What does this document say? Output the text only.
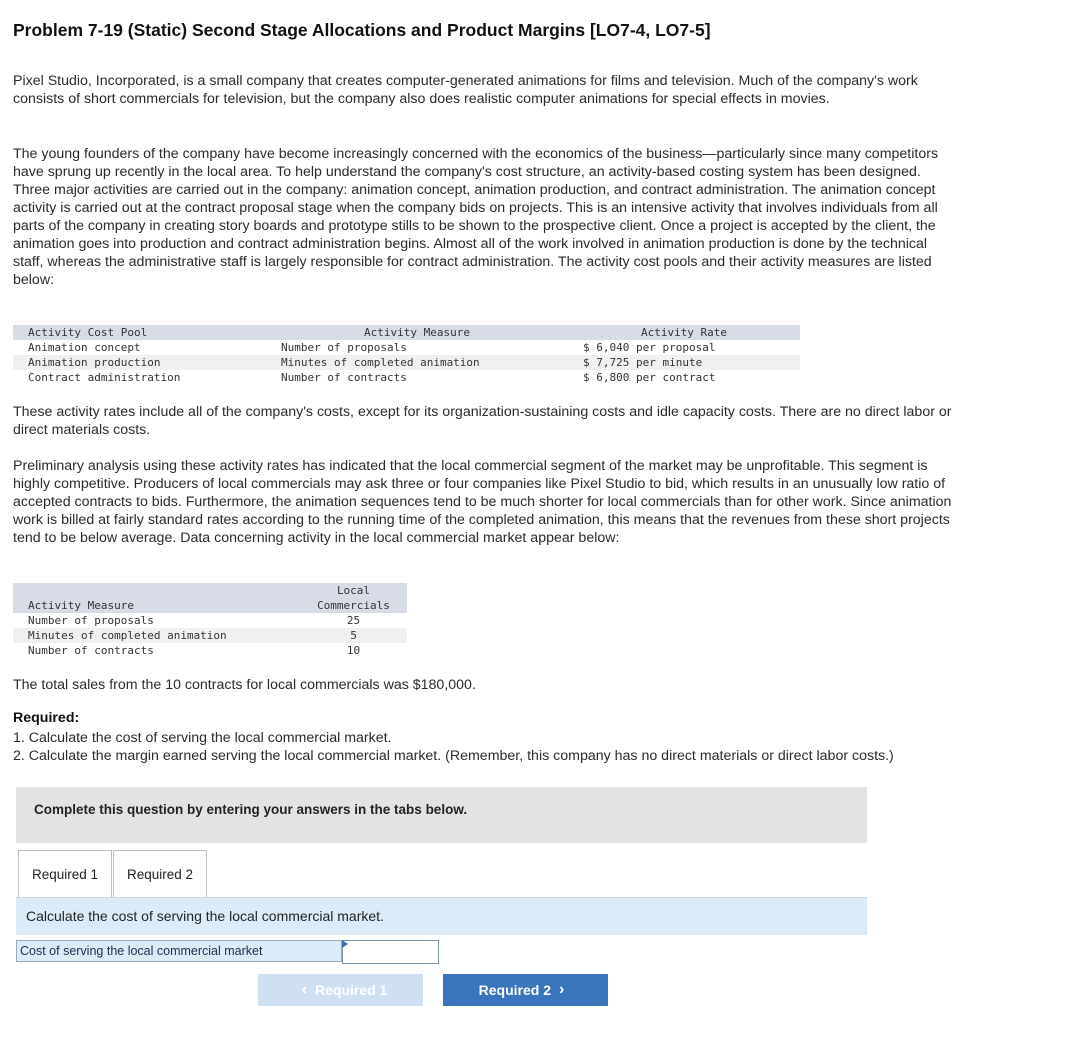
Problem 7-19 (Static) Second Stage Allocations and Product Margins [LO7-4, LO7-5]

Pixel Studio, Incorporated, is a small company that creates computer-generated animations for films and television. Much of the company's work consists of short commercials for television, but the company also does realistic computer animations for special effects in movies.

The young founders of the company have become increasingly concerned with the economics of the business—particularly since many competitors have sprung up recently in the local area. To help understand the company's cost structure, an activity-based costing system has been designed. Three major activities are carried out in the company: animation concept, animation production, and contract administration. The animation concept activity is carried out at the contract proposal stage when the company bids on projects. This is an intensive activity that involves individuals from all parts of the company in creating story boards and prototype stills to be shown to the prospective client. Once a project is accepted by the client, the animation goes into production and contract administration begins. Almost all of the work involved in animation production is done by the technical staff, whereas the administrative staff is largely responsible for contract administration. The activity cost pools and their activity measures are listed below:

Activity Cost Pool	Activity Measure	Activity Rate
Animation concept	Number of proposals	$ 6,040 per proposal
Animation production	Minutes of completed animation	$ 7,725 per minute
Contract administration	Number of contracts	$ 6,800 per contract

These activity rates include all of the company's costs, except for its organization-sustaining costs and idle capacity costs. There are no direct labor or direct materials costs.

Preliminary analysis using these activity rates has indicated that the local commercial segment of the market may be unprofitable. This segment is highly competitive. Producers of local commercials may ask three or four companies like Pixel Studio to bid, which results in an unusually low ratio of accepted contracts to bids. Furthermore, the animation sequences tend to be much shorter for local commercials than for other work. Since animation work is billed at fairly standard rates according to the running time of the completed animation, this means that the revenues from these short projects tend to be below average. Data concerning activity in the local commercial market appear below:

Activity Measure	Local
Commercials
Number of proposals	25
Minutes of completed animation	5
Number of contracts	10

The total sales from the 10 contracts for local commercials was $180,000.

Required:
1. Calculate the cost of serving the local commercial market.
2. Calculate the margin earned serving the local commercial market. (Remember, this company has no direct materials or direct labor costs.)
Complete this question by entering your answers in the tabs below.
Required 1	Required 2
Calculate the cost of serving the local commercial market.
Cost of serving the local commercial market
‹ Required 1	Required 2 ›
